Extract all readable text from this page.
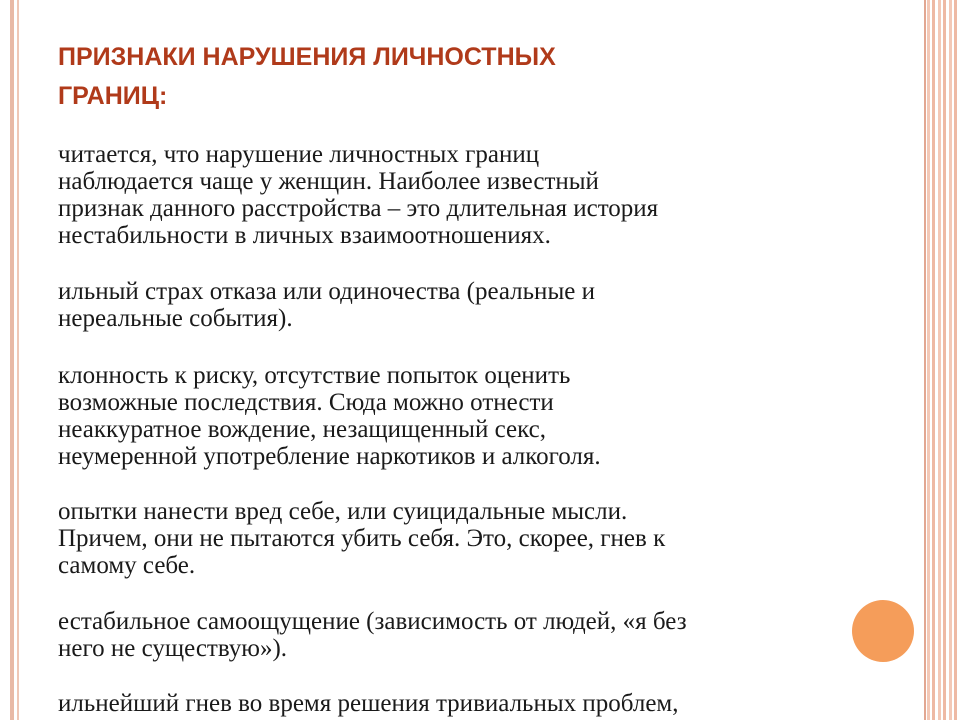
ПРИЗНАКИ НАРУШЕНИЯ ЛИЧНОСТНЫХ
ГРАНИЦ:
читается, что нарушение личностных границ
наблюдается чаще у женщин. Наиболее известный
признак данного расстройства – это длительная история
нестабильности в личных взаимоотношениях.
ильный страх отказа или одиночества (реальные и
нереальные события).
клонность к риску, отсутствие попыток оценить
возможные последствия. Сюда можно отнести
неаккуратное вождение, незащищенный секс,
неумеренной употребление наркотиков и алкоголя.
опытки нанести вред себе, или суицидальные мысли.
Причем, они не пытаются убить себя. Это, скорее, гнев к
самому себе.
естабильное самоощущение (зависимость от людей, «я без
него не существую»).
ильнейший гнев во время решения тривиальных проблем,
